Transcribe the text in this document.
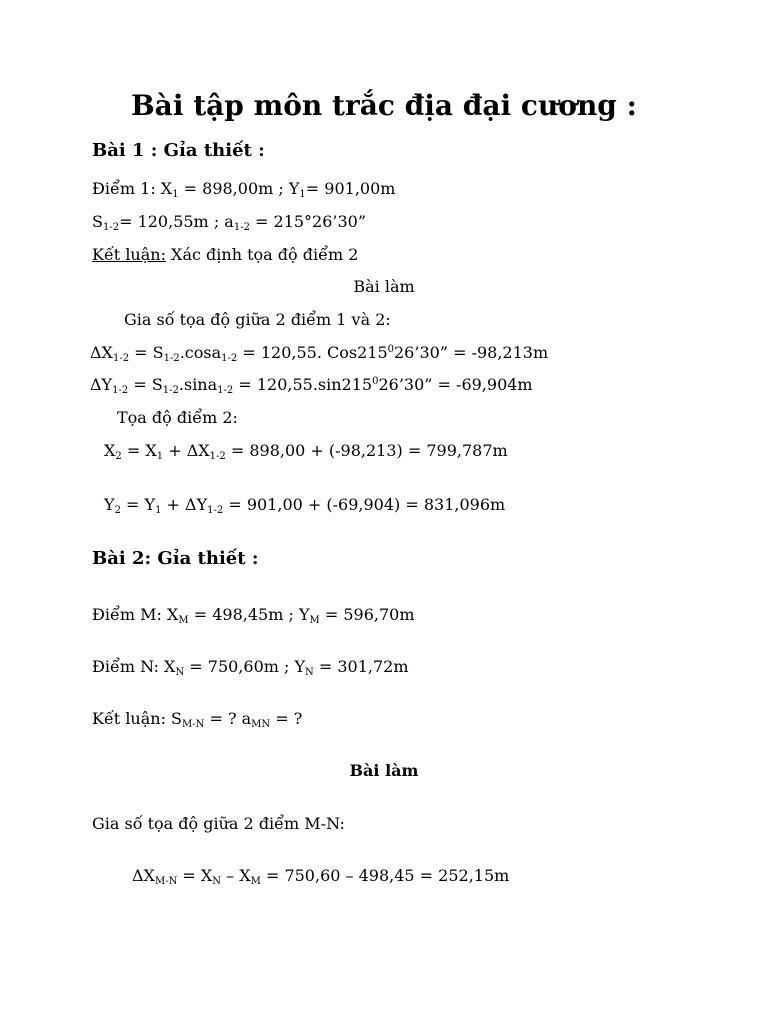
Bài tập môn trắc địa đại cương :
Bài 1 : Gỉa thiết :
Điểm 1: $X_1 = 898,00m$ ; $Y_1= 901,00m$
$S_{1-2}= 120,55m$ ; $a_{1-2}$ = 215°26’30”
Kết luận: Xác định tọa độ điểm 2
Bài làm
Gia số tọa độ giữa 2 điểm 1 và 2:
$\Delta X_{1-2} = S_{1-2}.\cos a_{1-2} = 120,55$. $Cos215^026’30$” = -98,213m
$\Delta Y_{1-2} = S_{1-2}.\sin a_{1-2}$ = $120,55.\sin 215^026’30$” = -69,904m
Tọa độ điểm 2:
$X_2 = X_1 + \Delta X_{1-2} = 898,00 + (-98,213) = 799,787m$
$Y_2 = Y_1 + \Delta Y_{1-2} = 901,00 + (-69,904) = 831,096m$
Bài 2: Gỉa thiết :
Điểm M: $X_M = 498,45m$ ; $Y_M = 596,70m$
Điểm N: $X_N = 750,60m$ ; $Y_N = 301,72m$
Kết luận: $S_{M-N}$ = ? $a_{MN}$ = ?
Bài làm
Gia số tọa độ giữa 2 điểm M-N:
$\Delta X_{M-N} = X_N - X_M = 750,60 - 498,45 = 252,15m$
